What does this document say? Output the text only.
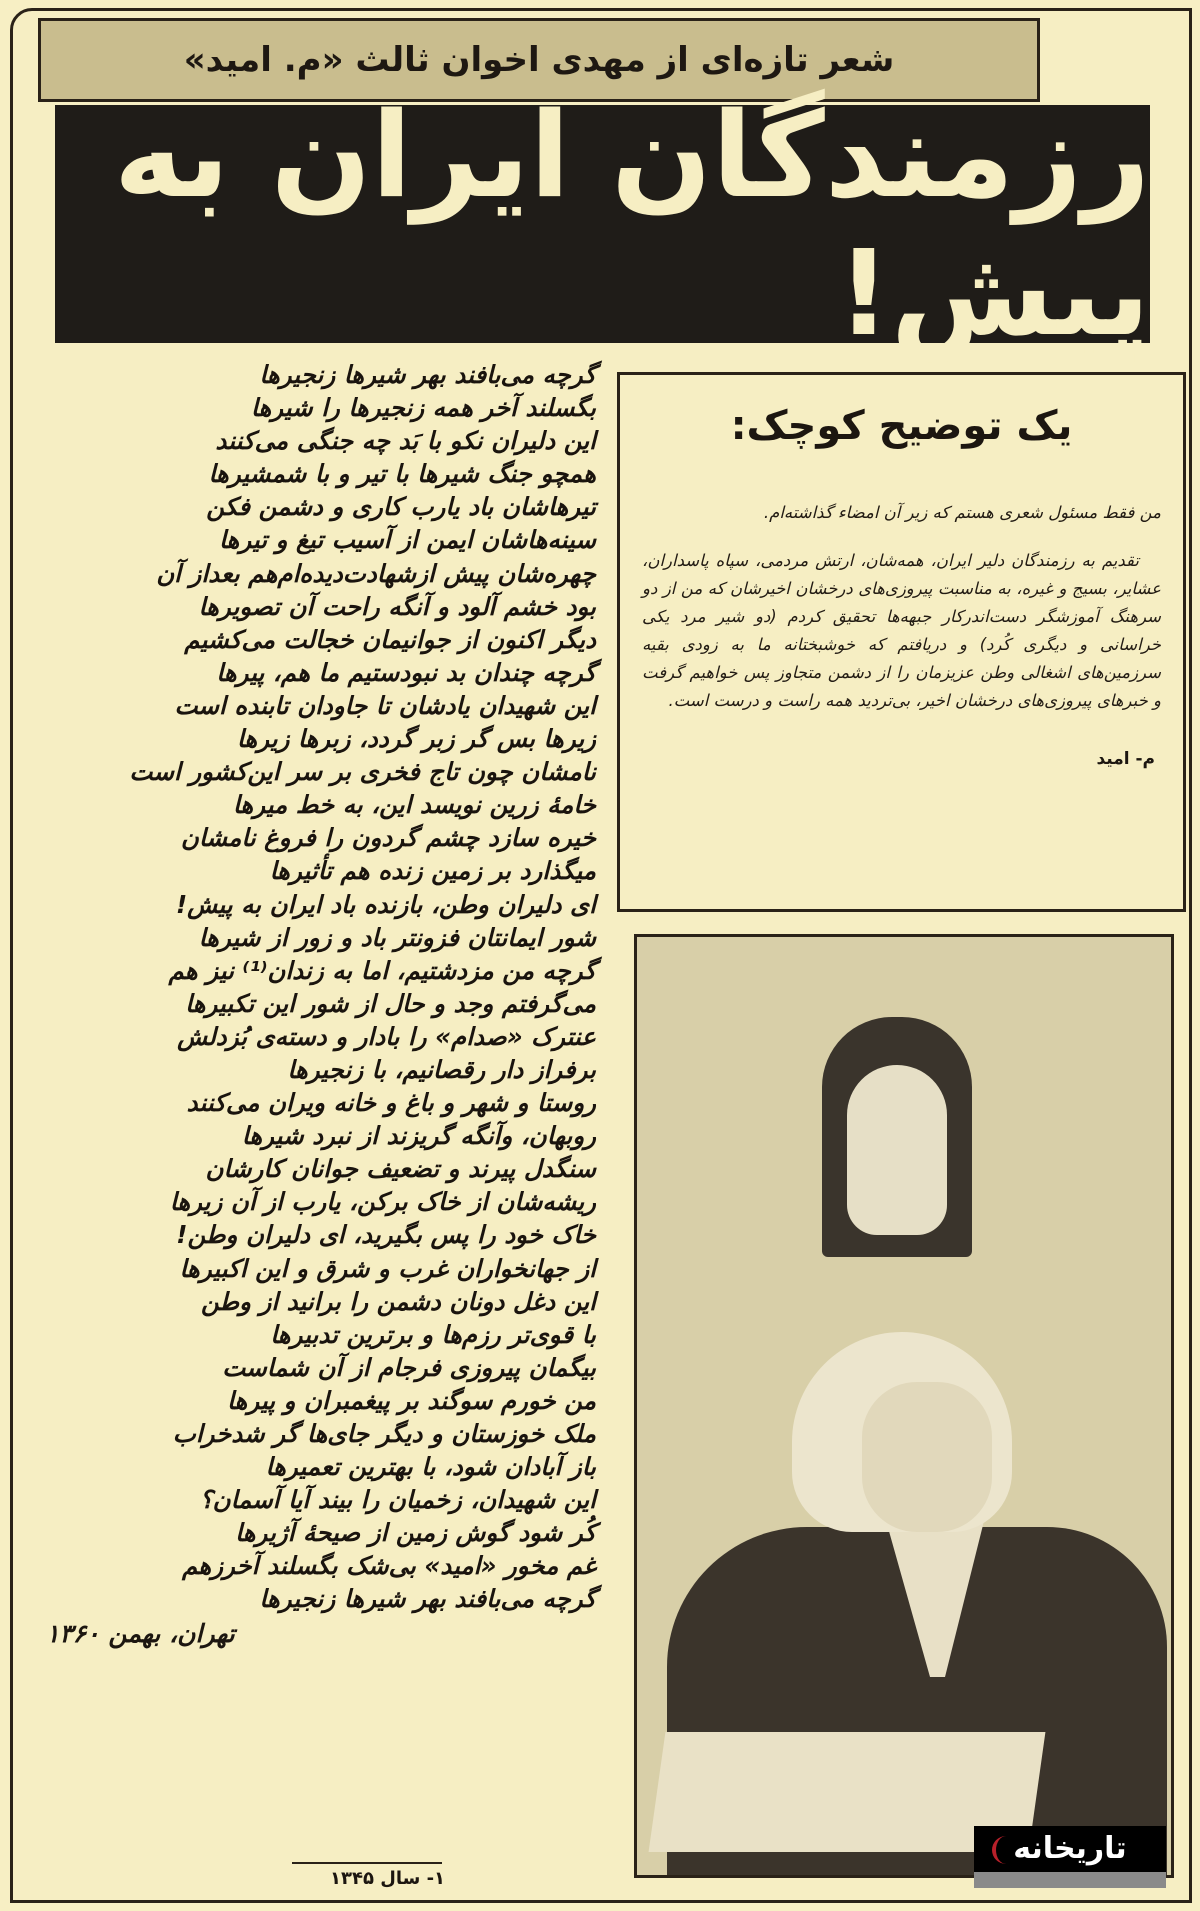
شعر تازه‌ای از مهدی اخوان ثالث «م. امید»
رزمندگان ایران به پیش!
گرچه می‌بافند بهر شیرها زنجیرها
بگسلند آخر همه زنجیرها را شیرها
این دلیران نکو با بَد چه جنگی می‌کنند
همچو جنگ شیرها با تیر و با شمشیرها
تیرهاشان باد یارب کاری و دشمن فکن
سینه‌هاشان ایمن از آسیب تیغ و تیرها
چهره‌شان پیش ازشهادت‌دیده‌ام‌هم بعداز آن
بود خشم آلود و آنگه راحت آن تصویرها
دیگر اکنون از جوانیمان خجالت می‌کشیم
گرچه چندان بد نبودستیم ما هم، پیرها
این شهیدان یادشان تا جاودان تابنده است
زیرها بس گر زبر گردد، زبرها زیرها
نامشان چون تاج فخری بر سر این‌کشور است
خامهٔ زرین نویسد این، به خط میرها
خیره سازد چشم گردون را فروغ نامشان
میگذارد بر زمین زنده هم تأثیرها
ای دلیران وطن، بازنده باد ایران به پیش!
شور ایمانتان فزونتر باد و زور از شیرها
گرچه من مزدشتیم، اما به زندان⁽¹⁾ نیز هم
می‌گرفتم وجد و حال از شور این تکبیرها
عنترک «صدام» را بادار و دسته‌ی بُزدلش
برفراز دار رقصانیم، با زنجیرها
روستا و شهر و باغ و خانه ویران می‌کنند
روبهان، وآنگه گریزند از نبرد شیرها
سنگدل پیرند و تضعیف جوانان کارشان
ریشه‌شان از خاک برکن، یارب از آن زیرها
خاک خود را پس بگیرید، ای دلیران وطن!
از جهانخواران غرب و شرق و این اکبیرها
این دغل دونان دشمن را برانید از وطن
با قوی‌تر رزم‌ها و برترین تدبیرها
بیگمان پیروزی فرجام از آن شماست
من خورم سوگند بر پیغمبران و پیرها
ملک خوزستان و دیگر جای‌ها گر شدخراب
باز آبادان شود، با بهترین تعمیرها
این شهیدان، زخمیان را بیند آیا آسمان؟
کُر شود گوش زمین از صیحهٔ آژیرها
غم مخور «امید» بی‌شک بگسلند آخرزهم
گرچه می‌بافند بهر شیرها زنجیرها
تهران، بهمن ۱۳۶۰
۱- سال ۱۳۴۵
یک توضیح کوچک:
من فقط مسئول شعری هستم که زیر آن امضاء گذاشته‌ام.
تقدیم به رزمندگان دلیر ایران، همه‌شان، ارتش مردمی، سپاه پاسداران، عشایر، بسیج و غیره، به مناسبت پیروزی‌های درخشان اخیرشان که من از دو سرهنگ آموزشگر دست‌اندرکار جبهه‌ها تحقیق کردم (دو شیر مرد یکی خراسانی و دیگری کُرد) و دریافتم که خوشبختانه ما به زودی بقیه سرزمین‌های اشغالی وطن عزیزمان را از دشمن متجاوز پس خواهیم گرفت و خبرهای پیروزی‌های درخشان اخیر، بی‌تردید همه راست و درست است.
م- امید
تاریخانه
